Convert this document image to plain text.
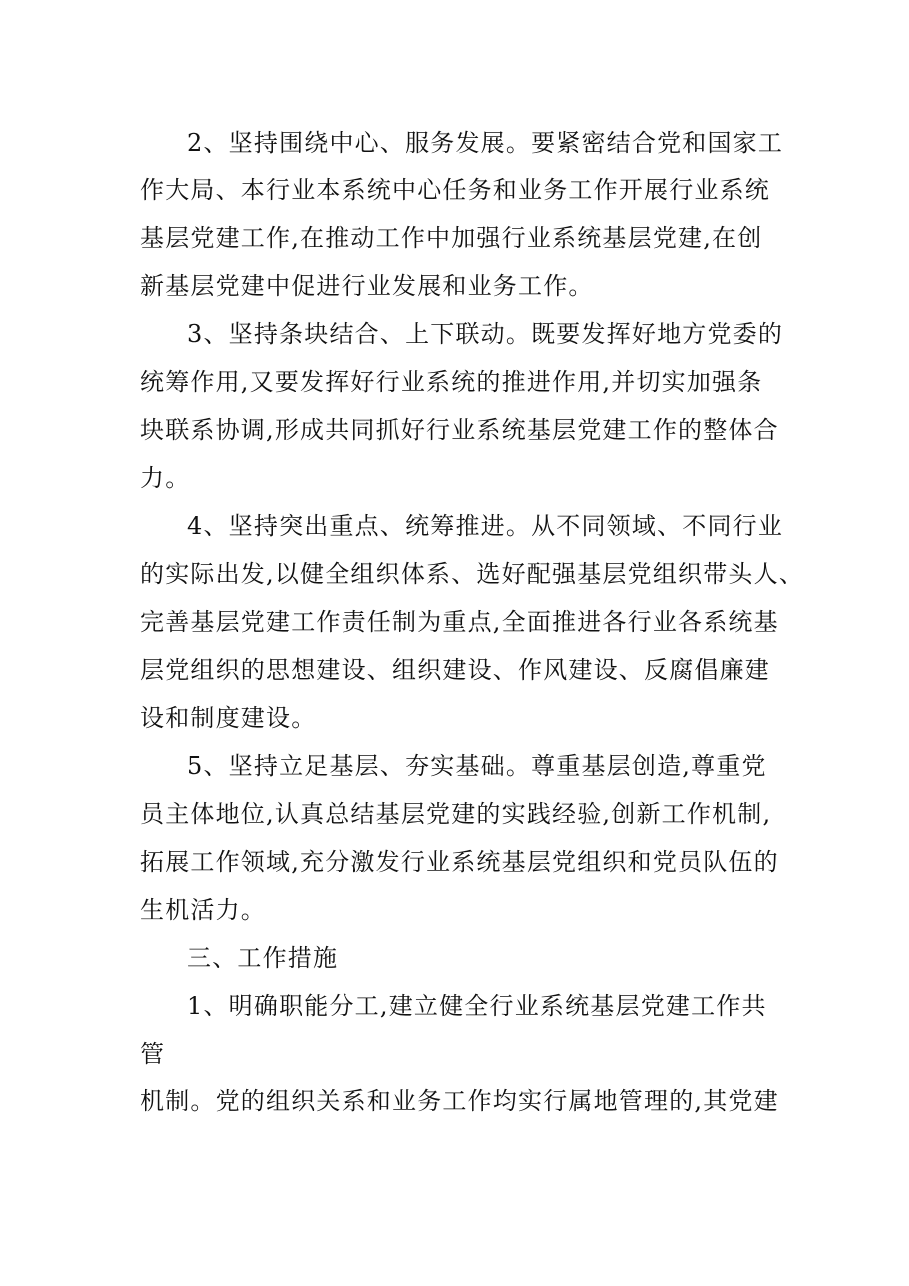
2、坚持围绕中心、服务发展。要紧密结合党和国家工
作大局、本行业本系统中心任务和业务工作开展行业系统
基层党建工作,在推动工作中加强行业系统基层党建,在创
新基层党建中促进行业发展和业务工作。
3、坚持条块结合、上下联动。既要发挥好地方党委的
统筹作用,又要发挥好行业系统的推进作用,并切实加强条
块联系协调,形成共同抓好行业系统基层党建工作的整体合
力。
4、坚持突出重点、统筹推进。从不同领域、不同行业
的实际出发,以健全组织体系、选好配强基层党组织带头人、
完善基层党建工作责任制为重点,全面推进各行业各系统基
层党组织的思想建设、组织建设、作风建设、反腐倡廉建
设和制度建设。
5、坚持立足基层、夯实基础。尊重基层创造,尊重党
员主体地位,认真总结基层党建的实践经验,创新工作机制,
拓展工作领域,充分激发行业系统基层党组织和党员队伍的
生机活力。
三、工作措施
1、明确职能分工,建立健全行业系统基层党建工作共
管
机制。党的组织关系和业务工作均实行属地管理的,其党建
